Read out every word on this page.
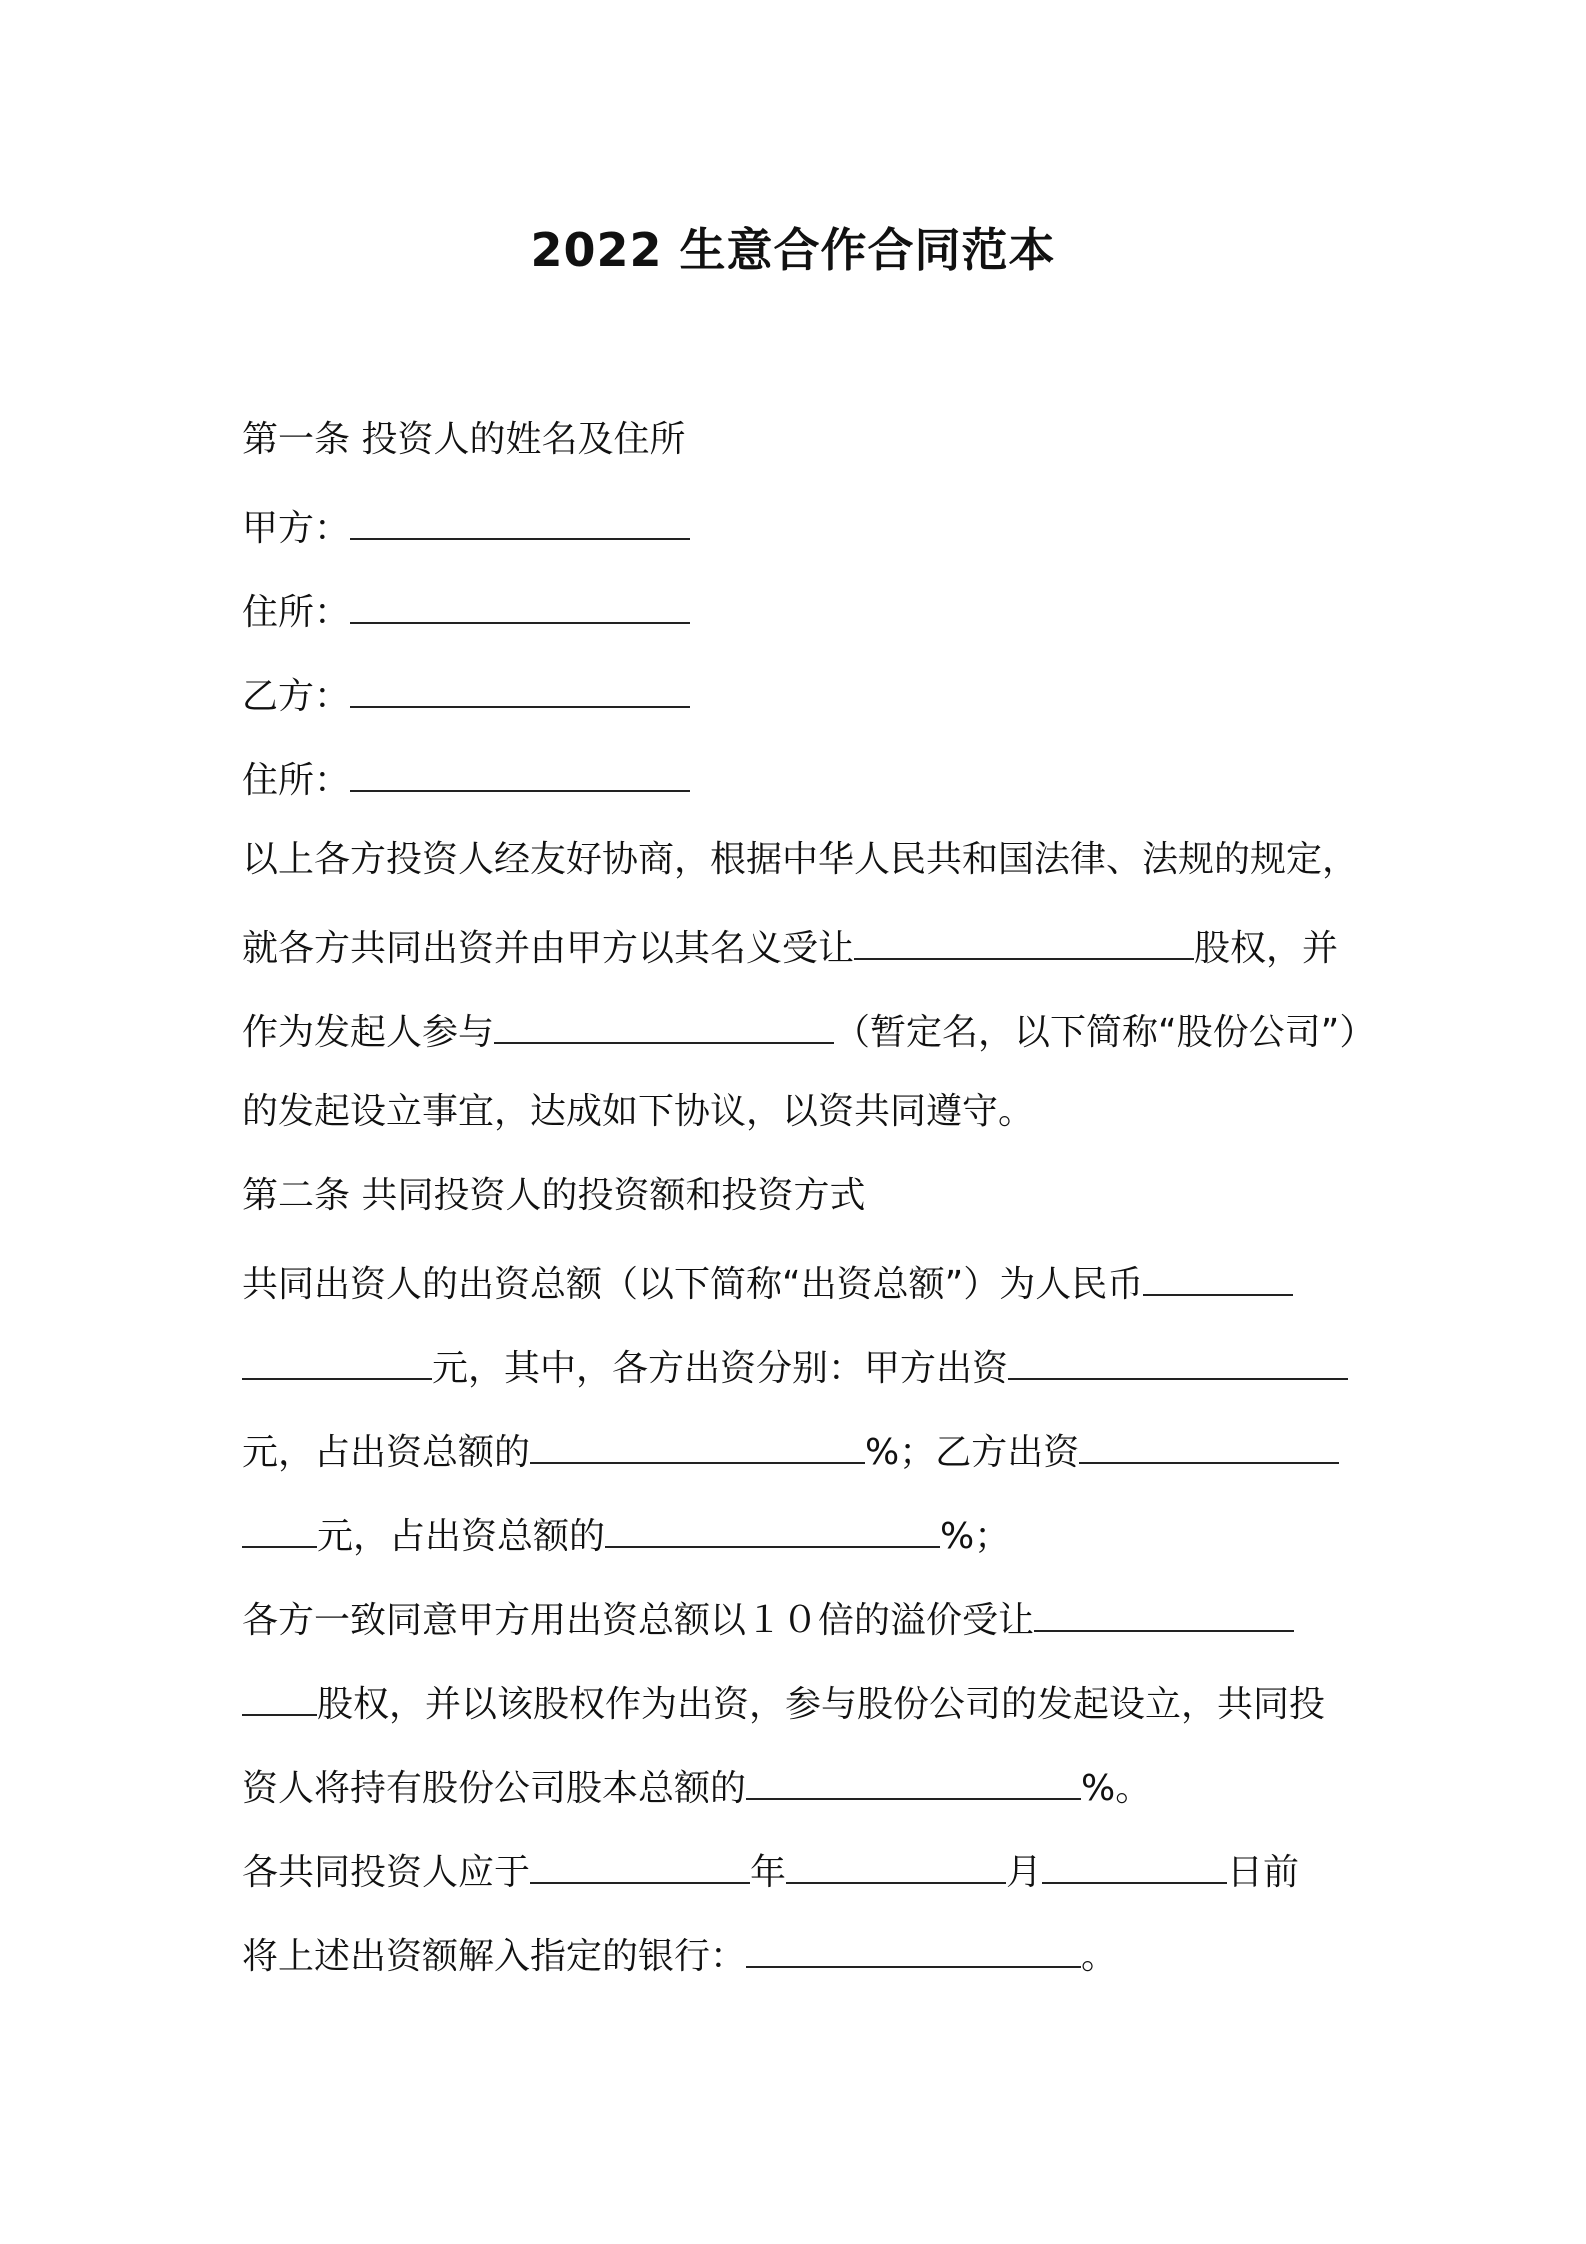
2022 生意合作合同范本
第一条 投资人的姓名及住所
甲方：
住所：
乙方：
住所：
以上各方投资人经友好协商，根据中华人民共和国法律、法规的规定，
就各方共同出资并由甲方以其名义受让	股权，并
作为发起人参与	（暂定名，以下简称“股份公司”）
的发起设立事宜，达成如下协议，以资共同遵守。
第二条 共同投资人的投资额和投资方式
共同出资人的出资总额（以下简称“出资总额”）为人民币
元，其中，各方出资分别：甲方出资
元，占出资总额的	%；乙方出资
元，占出资总额的	%；
各方一致同意甲方用出资总额以１０倍的溢价受让
股权，并以该股权作为出资，参与股份公司的发起设立，共同投
资人将持有股份公司股本总额的	%。
各共同投资人应于	年	月	日前
将上述出资额解入指定的银行：	。
